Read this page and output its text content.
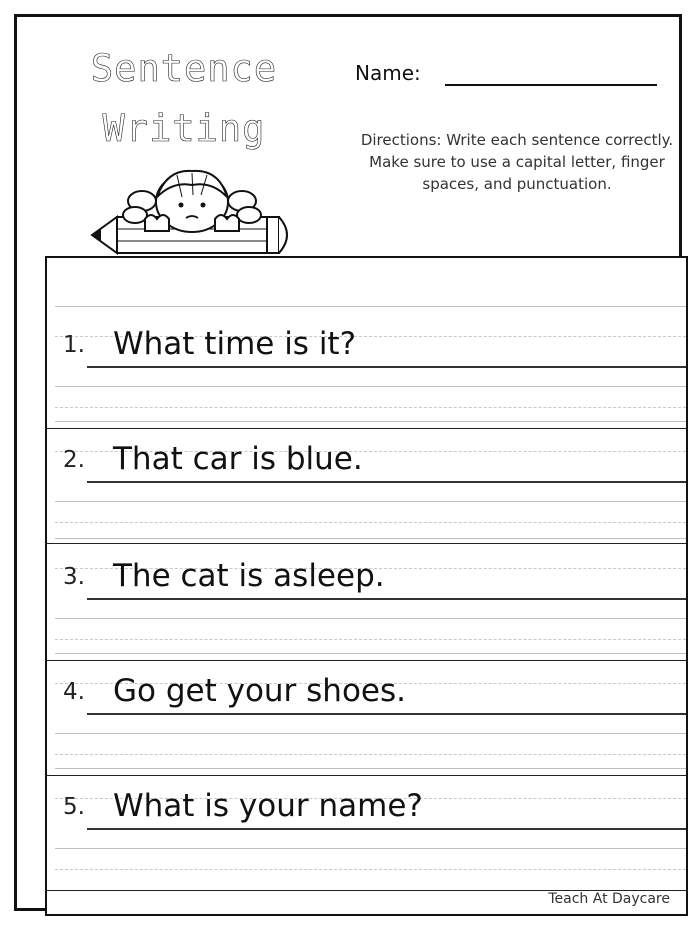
Sentence
Writing
Name:
Directions: Write each sentence correctly. Make sure to use a capital letter, finger spaces, and punctuation.
1. What time is it?
2. That car is blue.
3. The cat is asleep.
4. Go get your shoes.
5. What is your name?
Teach At Daycare
